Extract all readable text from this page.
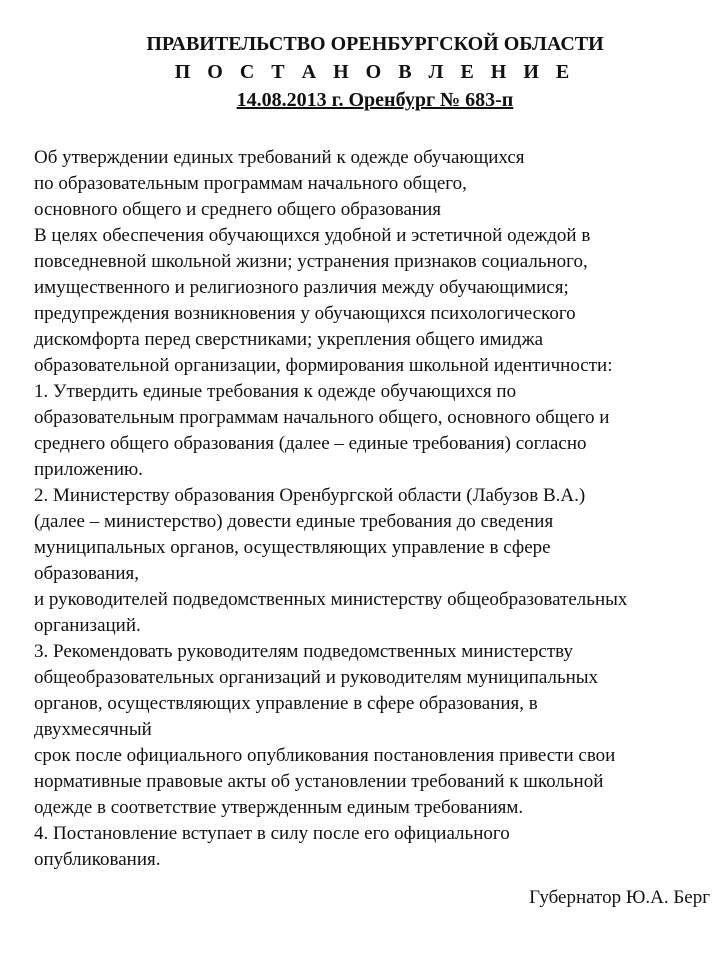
ПРАВИТЕЛЬСТВО ОРЕНБУРГСКОЙ ОБЛАСТИ
П О С Т А Н О В Л Е Н И Е
14.08.2013 г. Оренбург № 683-п
Об утверждении единых требований к одежде обучающихся
по образовательным программам начального общего,
основного общего и среднего общего образования
В целях обеспечения обучающихся удобной и эстетичной одеждой в
повседневной школьной жизни; устранения признаков социального,
имущественного и религиозного различия между обучающимися;
предупреждения возникновения у обучающихся психологического
дискомфорта перед сверстниками; укрепления общего имиджа
образовательной организации, формирования школьной идентичности:
1. Утвердить единые требования к одежде обучающихся по
образовательным программам начального общего, основного общего и
среднего общего образования (далее – единые требования) согласно
приложению.
2. Министерству образования Оренбургской области (Лабузов В.А.)
(далее – министерство) довести единые требования до сведения
муниципальных органов, осуществляющих управление в сфере
образования,
и руководителей подведомственных министерству общеобразовательных
организаций.
3. Рекомендовать руководителям подведомственных министерству
общеобразовательных организаций и руководителям муниципальных
органов, осуществляющих управление в сфере образования, в
двухмесячный
срок после официального опубликования постановления привести свои
нормативные правовые акты об установлении требований к школьной
одежде в соответствие утвержденным единым требованиям.
4. Постановление вступает в силу после его официального
опубликования.
Губернатор Ю.А. Берг
